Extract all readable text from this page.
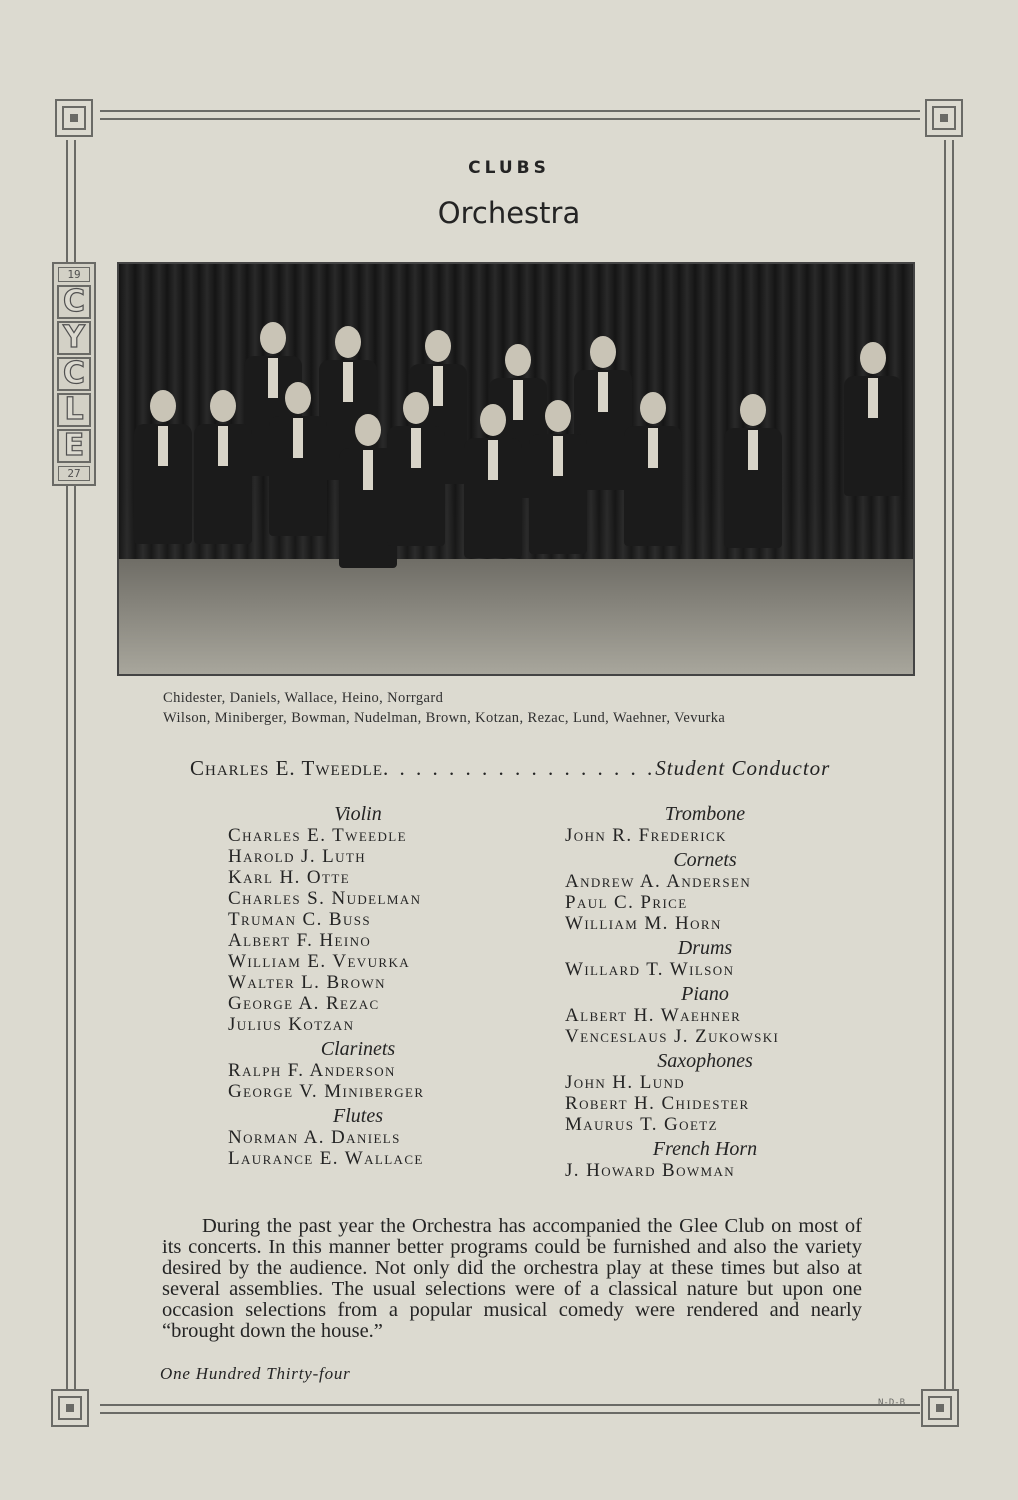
19
C
Y
C
L
E
27
CLUBS
Orchestra
Chidester, Daniels, Wallace, Heino, Norrgard
Wilson, Miniberger, Bowman, Nudelman, Brown, Kotzan, Rezac, Lund, Waehner, Vevurka
Charles E. Tweedle. . . . . . . . . . . . . . . . .Student Conductor

Violin

Charles E. Tweedle

Harold J. Luth

Karl H. Otte

Charles S. Nudelman

Truman C. Buss

Albert F. Heino

William E. Vevurka

Walter L. Brown

George A. Rezac

Julius Kotzan

Clarinets

Ralph F. Anderson

George V. Miniberger

Flutes

Norman A. Daniels

Laurance E. Wallace

Trombone

John R. Frederick

Cornets

Andrew A. Andersen

Paul C. Price

William M. Horn

Drums

Willard T. Wilson

Piano

Albert H. Waehner

Venceslaus J. Zukowski

Saxophones

John H. Lund

Robert H. Chidester

Maurus T. Goetz

French Horn

J. Howard Bowman

During the past year the Orchestra has accompanied the Glee Club on most of its concerts. In this manner better programs could be furnished and also the variety desired by the audience. Not only did the orchestra play at these times but also at several assemblies. The usual selections were of a classical nature but upon one occasion selections from a popular musical comedy were rendered and nearly “brought down the house.”

One Hundred Thirty-four
N-D-B
